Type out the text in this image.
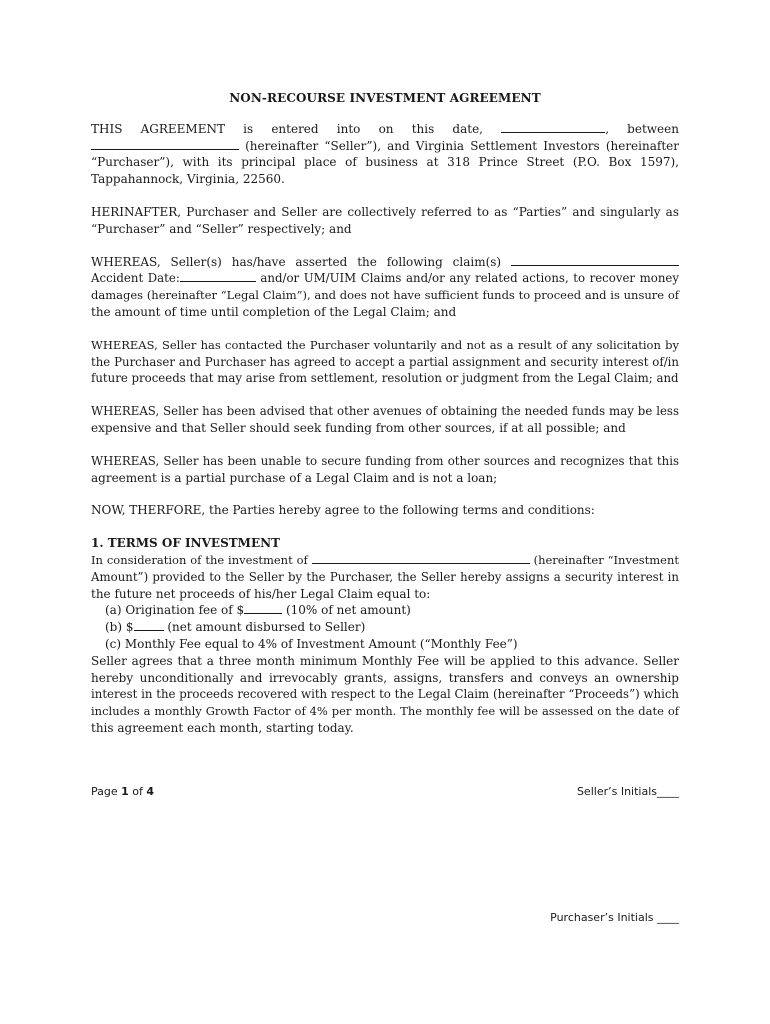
NON-RECOURSE INVESTMENT AGREEMENT
THIS AGREEMENT is entered into on this date,	, between
(hereinafter “Seller”), and Virginia Settlement Investors (hereinafter
“Purchaser”), with its principal place of business at 318 Prince Street (P.O. Box 1597),
Tappahannock, Virginia, 22560.
HERINAFTER, Purchaser and Seller are collectively referred to as “Parties” and singularly as
“Purchaser” and “Seller” respectively; and
WHEREAS, Seller(s) has/have asserted the following claim(s)
Accident Date:	and/or UM/UIM Claims and/or any related actions, to recover money
damages (hereinafter “Legal Claim”), and does not have sufficient funds to proceed and is unsure of
the amount of time until completion of the Legal Claim; and
WHEREAS, Seller has contacted the Purchaser voluntarily and not as a result of any solicitation by
the Purchaser and Purchaser has agreed to accept a partial assignment and security interest of/in
future proceeds that may arise from settlement, resolution or judgment from the Legal Claim; and
WHEREAS, Seller has been advised that other avenues of obtaining the needed funds may be less
expensive and that Seller should seek funding from other sources, if at all possible; and
WHEREAS, Seller has been unable to secure funding from other sources and recognizes that this
agreement is a partial purchase of a Legal Claim and is not a loan;
NOW, THERFORE, the Parties hereby agree to the following terms and conditions:
1. TERMS OF INVESTMENT
In consideration of the investment of	(hereinafter “Investment
Amount”) provided to the Seller by the Purchaser, the Seller hereby assigns a security interest in
the future net proceeds of his/her Legal Claim equal to:
(a) Origination fee of $	(10% of net amount)
(b) $	(net amount disbursed to Seller)
(c) Monthly Fee equal to 4% of Investment Amount (“Monthly Fee”)
Seller agrees that a three month minimum Monthly Fee will be applied to this advance. Seller
hereby unconditionally and irrevocably grants, assigns, transfers and conveys an ownership
interest in the proceeds recovered with respect to the Legal Claim (hereinafter “Proceeds”) which
includes a monthly Growth Factor of 4% per month. The monthly fee will be assessed on the date of
this agreement each month, starting today.
Page 1 of 4	Seller’s Initials____
Purchaser’s Initials ____
